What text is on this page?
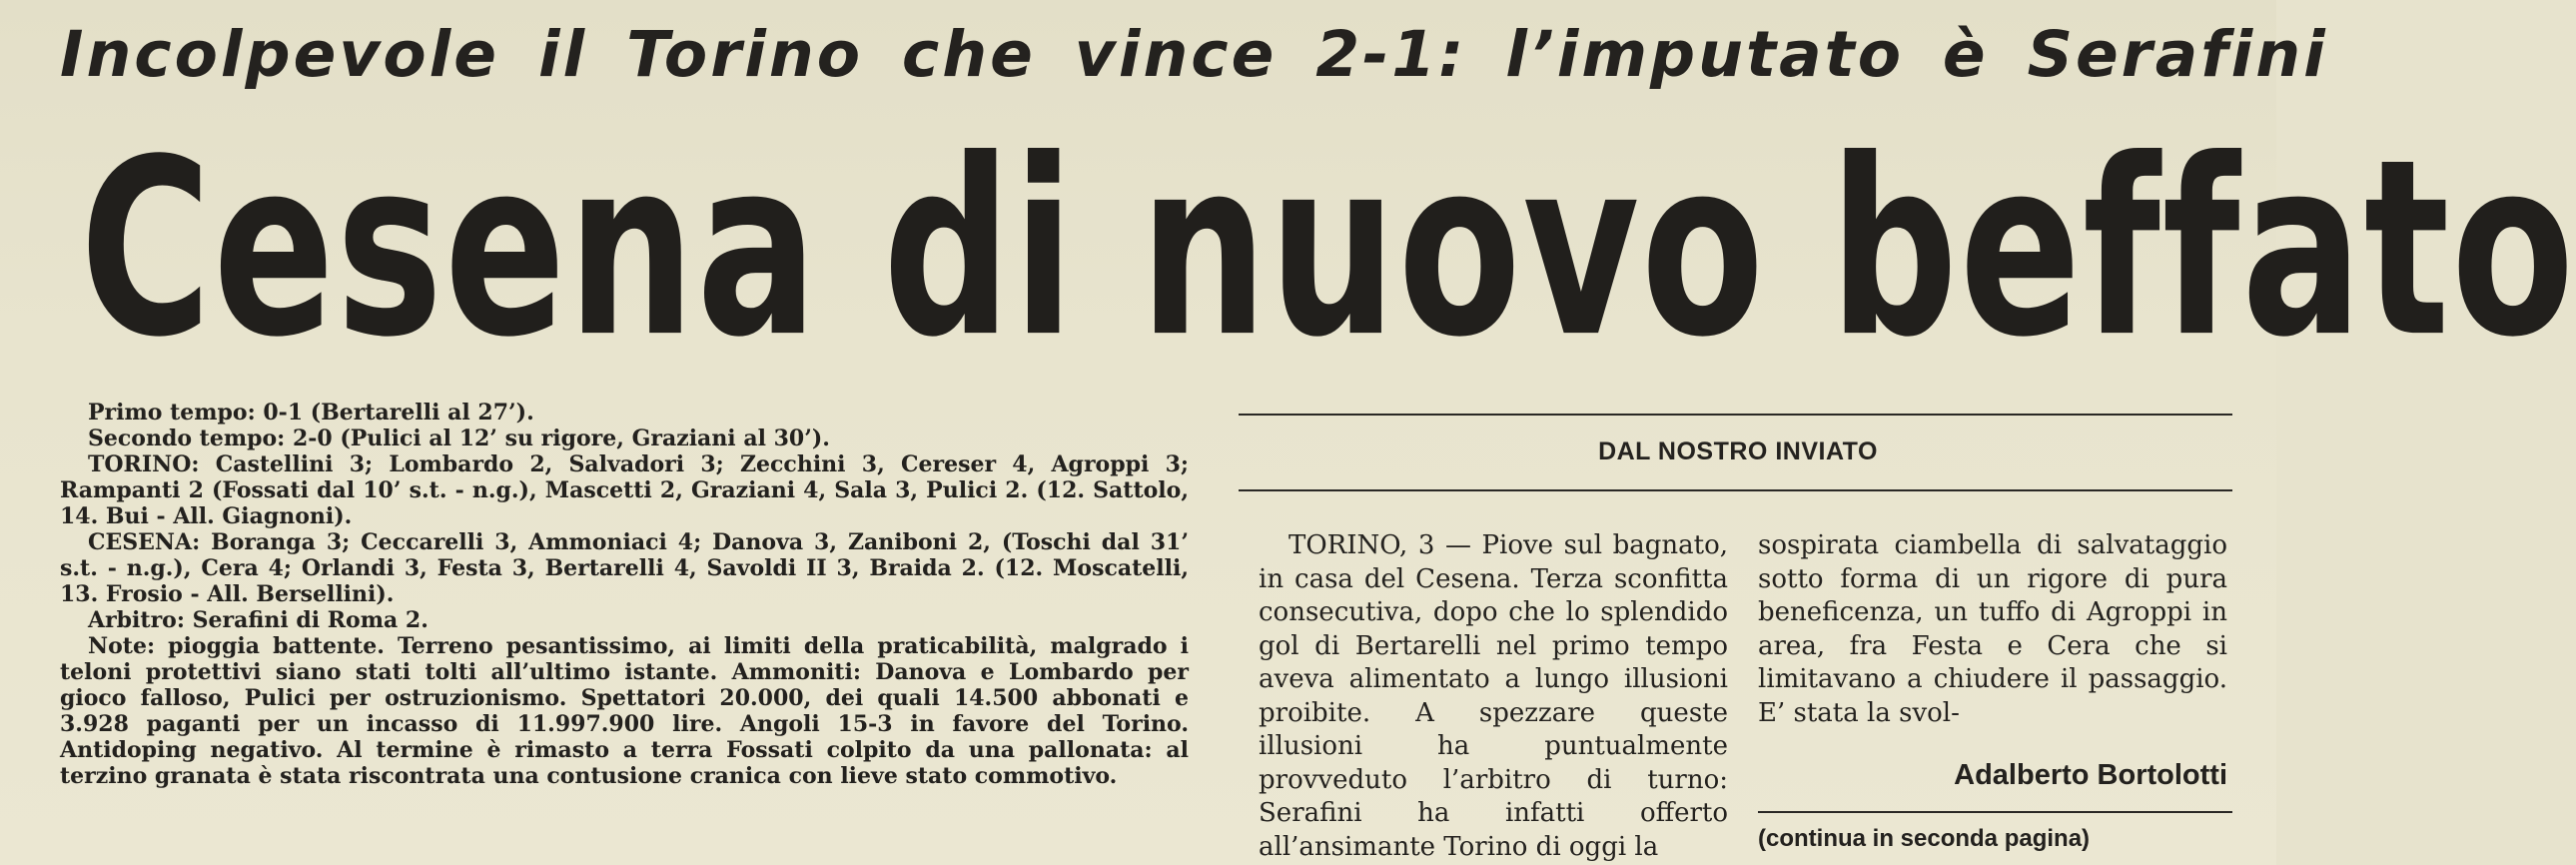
Incolpevole il Torino che vince 2-1: l’imputato è Serafini
Cesena di nuovo beffato

Primo tempo: 0-1 (Bertarelli al 27’).

Secondo tempo: 2-0 (Pulici al 12’ su rigore, Graziani al 30’).

TORINO: Castellini 3; Lombardo 2, Salvadori 3; Zecchini 3, Cereser 4, Agroppi 3; Rampanti 2 (Fossati dal 10’ s.t. - n.g.), Mascetti 2, Graziani 4, Sala 3, Pulici 2. (12. Sattolo, 14. Bui - All. Giagnoni).

CESENA: Boranga 3; Ceccarelli 3, Ammoniaci 4; Danova 3, Zaniboni 2, (Toschi dal 31’ s.t. - n.g.), Cera 4; Orlandi 3, Festa 3, Bertarelli 4, Savoldi II 3, Braida 2. (12. Moscatelli, 13. Frosio - All. Bersellini).

Arbitro: Serafini di Roma 2.

Note: pioggia battente. Terreno pesantissimo, ai limiti della praticabilità, malgrado i teloni protettivi siano stati tolti all’ultimo istante. Ammoniti: Danova e Lombardo per gioco falloso, Pulici per ostruzionismo. Spettatori 20.000, dei quali 14.500 abbonati e 3.928 paganti per un incasso di 11.997.900 lire. Angoli 15-3 in favore del Torino. Antidoping negativo. Al termine è rimasto a terra Fossati colpito da una pallonata: al terzino granata è stata riscontrata una contusione cranica con lieve stato commotivo.

DAL NOSTRO INVIATO

TORINO, 3 — Piove sul bagnato, in casa del Cesena. Terza sconfitta consecutiva, dopo che lo splendido gol di Bertarelli nel primo tempo aveva alimentato a lungo illusioni proibite. A spezzare queste illusioni ha puntualmente provveduto l’arbitro di turno: Serafini ha infatti offerto all’ansimante Torino di oggi la

sospirata ciambella di salvataggio sotto forma di un rigore di pura beneficenza, un tuffo di Agroppi in area, fra Festa e Cera che si limitavano a chiudere il passaggio. E’ stata la svol-

Adalberto Bortolotti
(continua in seconda pagina)
